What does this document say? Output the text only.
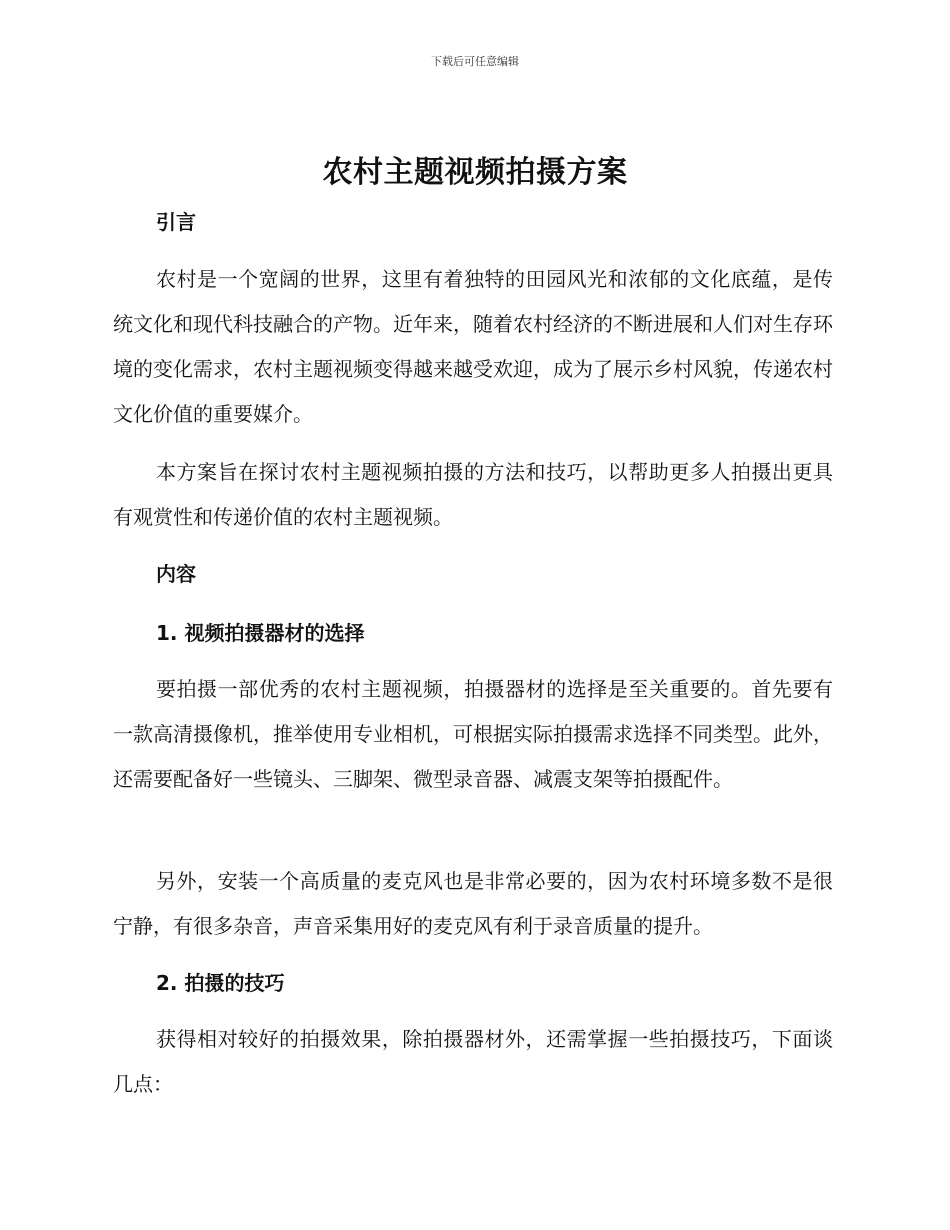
下载后可任意编辑
农村主题视频拍摄方案
引言

农村是一个宽阔的世界，这里有着独特的田园风光和浓郁的文化底蕴，是传统文化和现代科技融合的产物。近年来，随着农村经济的不断进展和人们对生存环境的变化需求，农村主题视频变得越来越受欢迎，成为了展示乡村风貌，传递农村文化价值的重要媒介。

本方案旨在探讨农村主题视频拍摄的方法和技巧，以帮助更多人拍摄出更具有观赏性和传递价值的农村主题视频。

内容
1. 视频拍摄器材的选择

要拍摄一部优秀的农村主题视频，拍摄器材的选择是至关重要的。首先要有一款高清摄像机，推举使用专业相机，可根据实际拍摄需求选择不同类型。此外，还需要配备好一些镜头、三脚架、微型录音器、减震支架等拍摄配件。

另外，安装一个高质量的麦克风也是非常必要的，因为农村环境多数不是很宁静，有很多杂音，声音采集用好的麦克风有利于录音质量的提升。

2. 拍摄的技巧

获得相对较好的拍摄效果，除拍摄器材外，还需掌握一些拍摄技巧，下面谈几点：
